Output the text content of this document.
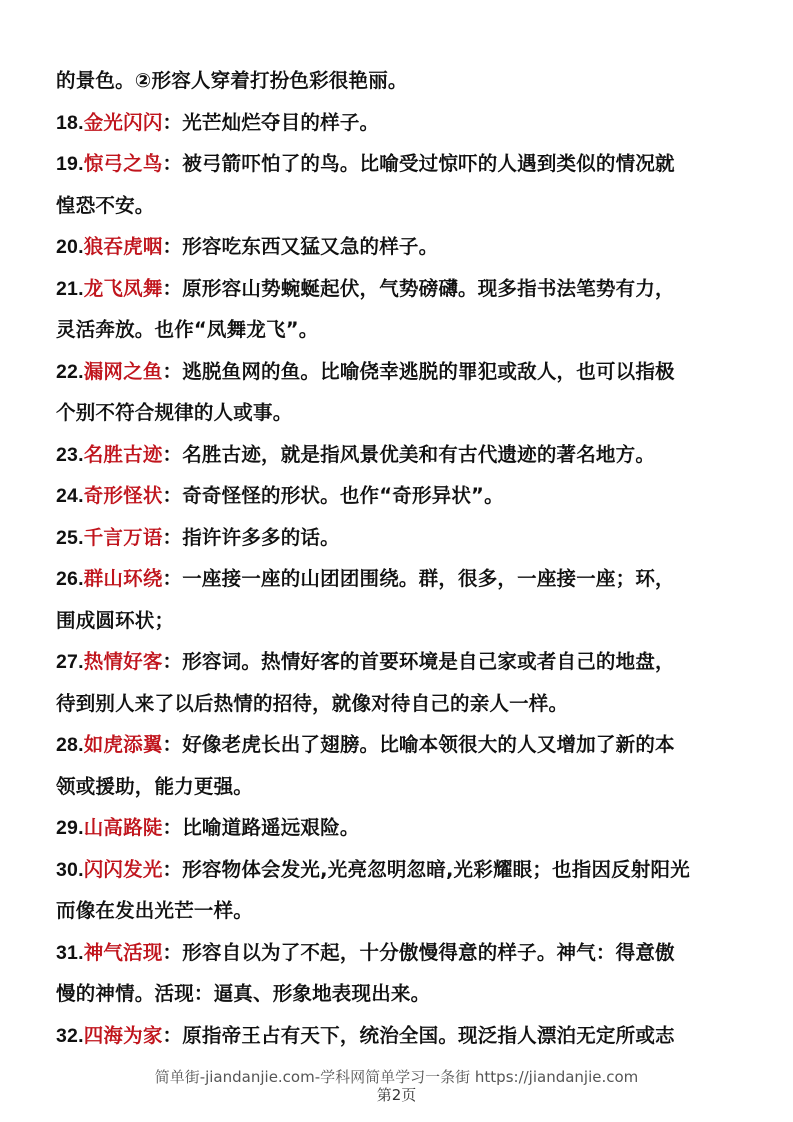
的景色。②形容人穿着打扮色彩很艳丽。
18.金光闪闪：光芒灿烂夺目的样子。
19.惊弓之鸟：被弓箭吓怕了的鸟。比喻受过惊吓的人遇到类似的情况就
惶恐不安。
20.狼吞虎咽：形容吃东西又猛又急的样子。
21.龙飞凤舞：原形容山势蜿蜒起伏，气势磅礴。现多指书法笔势有力，
灵活奔放。也作“凤舞龙飞”。
22.漏网之鱼：逃脱鱼网的鱼。比喻侥幸逃脱的罪犯或敌人，也可以指极
个别不符合规律的人或事。
23.名胜古迹：名胜古迹，就是指风景优美和有古代遗迹的著名地方。
24.奇形怪状：奇奇怪怪的形状。也作“奇形异状”。
25.千言万语：指许许多多的话。
26.群山环绕：一座接一座的山团团围绕。群，很多，一座接一座；环，
围成圆环状；
27.热情好客：形容词。热情好客的首要环境是自己家或者自己的地盘，
待到别人来了以后热情的招待，就像对待自己的亲人一样。
28.如虎添翼：好像老虎长出了翅膀。比喻本领很大的人又增加了新的本
领或援助，能力更强。
29.山高路陡：比喻道路遥远艰险。
30.闪闪发光：形容物体会发光,光亮忽明忽暗,光彩耀眼；也指因反射阳光
而像在发出光芒一样。
31.神气活现：形容自以为了不起，十分傲慢得意的样子。神气：得意傲
慢的神情。活现：逼真、形象地表现出来。
32.四海为家：原指帝王占有天下，统治全国。现泛指人漂泊无定所或志
简单街-jiandanjie.com-学科网简单学习一条街 https://jiandanjie.com
第2页
